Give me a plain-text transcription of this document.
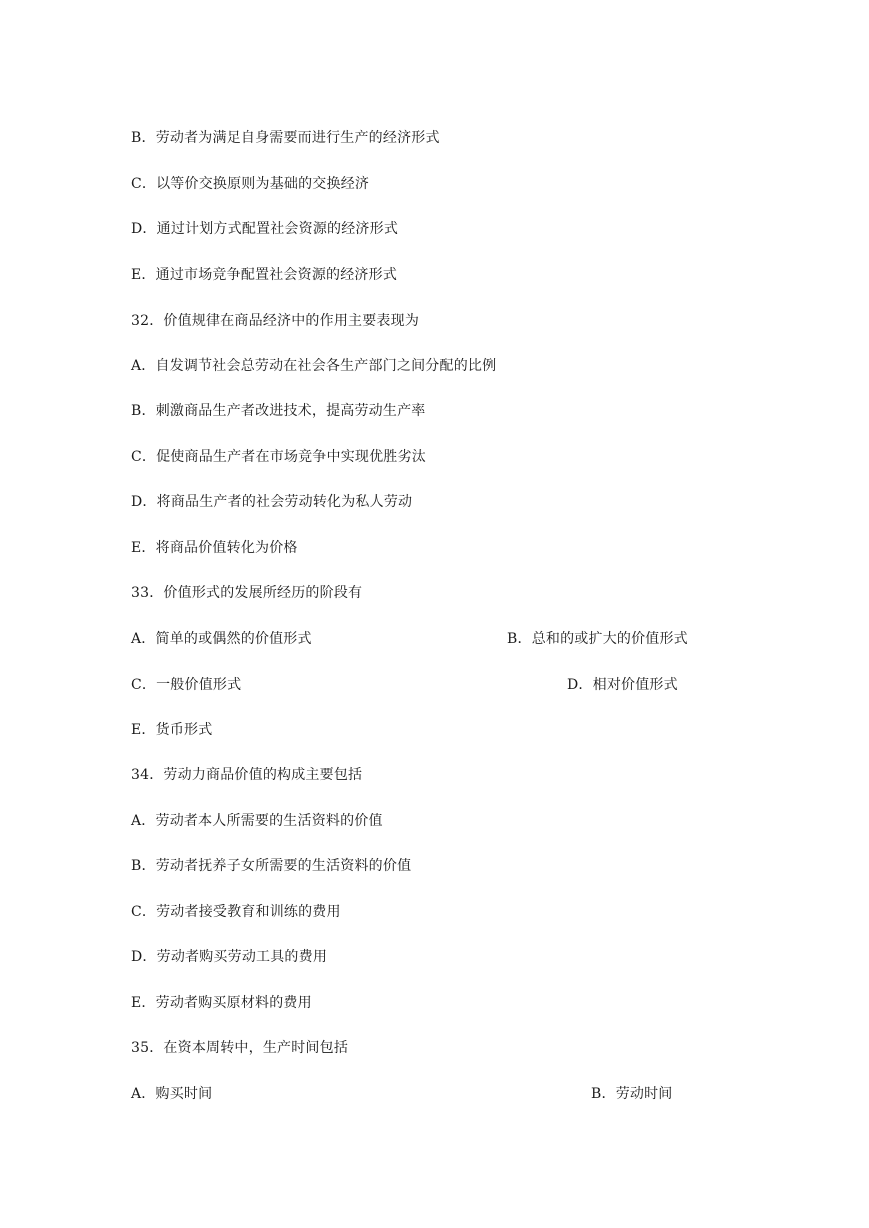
B．劳动者为满足自身需要而进行生产的经济形式
C．以等价交换原则为基础的交换经济
D．通过计划方式配置社会资源的经济形式
E．通过市场竞争配置社会资源的经济形式
32．价值规律在商品经济中的作用主要表现为
A．自发调节社会总劳动在社会各生产部门之间分配的比例
B．刺激商品生产者改进技术，提高劳动生产率
C．促使商品生产者在市场竞争中实现优胜劣汰
D．将商品生产者的社会劳动转化为私人劳动
E．将商品价值转化为价格
33．价值形式的发展所经历的阶段有
A．简单的或偶然的价值形式	B．总和的或扩大的价值形式
C．一般价值形式	D．相对价值形式
E．货币形式
34．劳动力商品价值的构成主要包括
A．劳动者本人所需要的生活资料的价值
B．劳动者抚养子女所需要的生活资料的价值
C．劳动者接受教育和训练的费用
D．劳动者购买劳动工具的费用
E．劳动者购买原材料的费用
35．在资本周转中，生产时间包括
A．购买时间	B．劳动时间
